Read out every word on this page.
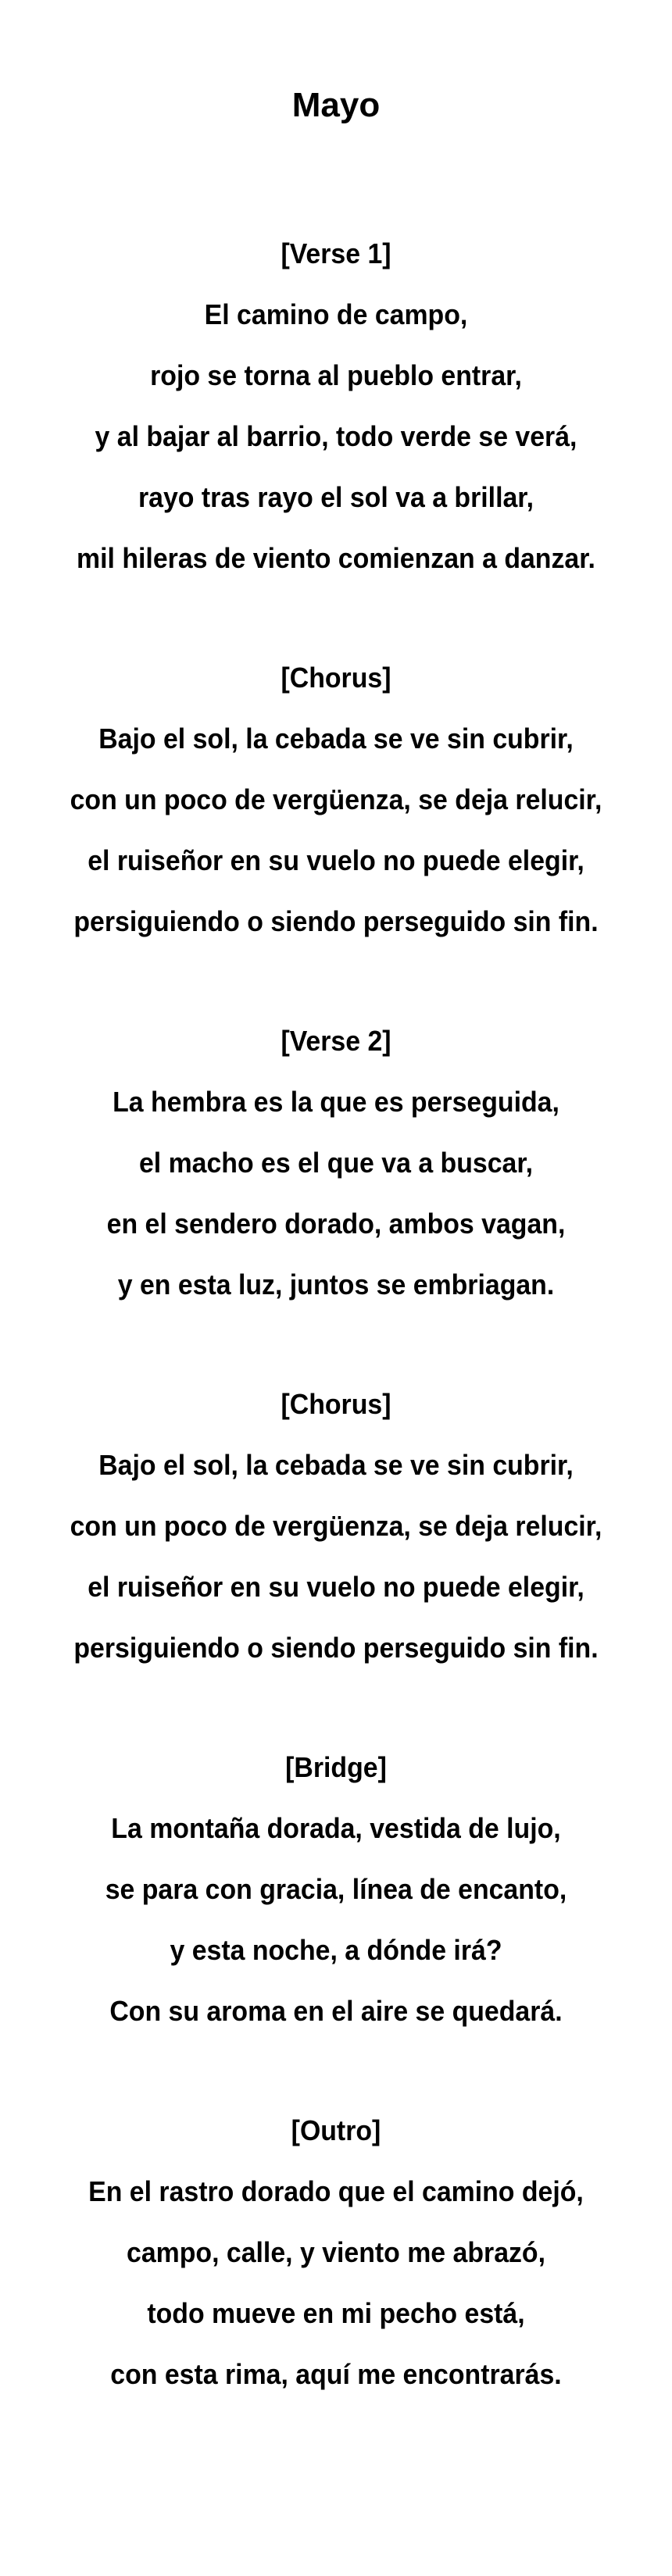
Mayo
[Verse 1]
El camino de campo,
rojo se torna al pueblo entrar,
y al bajar al barrio, todo verde se verá,
rayo tras rayo el sol va a brillar,
mil hileras de viento comienzan a danzar.
[Chorus]
Bajo el sol, la cebada se ve sin cubrir,
con un poco de vergüenza, se deja relucir,
el ruiseñor en su vuelo no puede elegir,
persiguiendo o siendo perseguido sin fin.
[Verse 2]
La hembra es la que es perseguida,
el macho es el que va a buscar,
en el sendero dorado, ambos vagan,
y en esta luz, juntos se embriagan.
[Chorus]
Bajo el sol, la cebada se ve sin cubrir,
con un poco de vergüenza, se deja relucir,
el ruiseñor en su vuelo no puede elegir,
persiguiendo o siendo perseguido sin fin.
[Bridge]
La montaña dorada, vestida de lujo,
se para con gracia, línea de encanto,
y esta noche, a dónde irá?
Con su aroma en el aire se quedará.
[Outro]
En el rastro dorado que el camino dejó,
campo, calle, y viento me abrazó,
todo mueve en mi pecho está,
con esta rima, aquí me encontrarás.
